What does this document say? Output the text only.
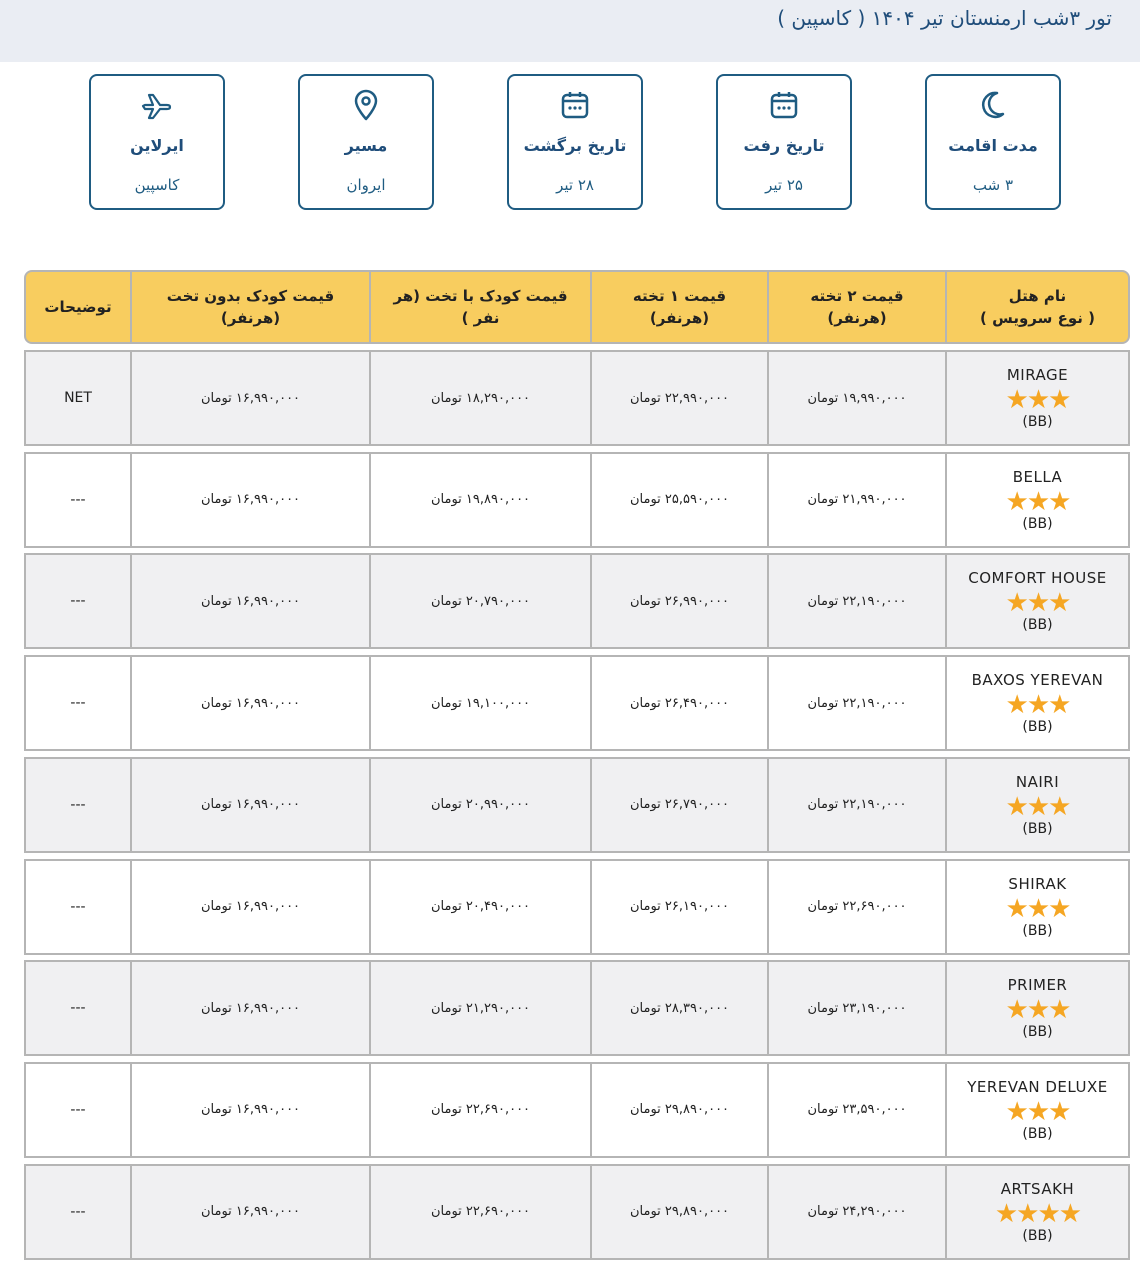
تور ۳شب ارمنستان تیر ۱۴۰۴ ( کاسپین )
مدت اقامت
۳ شب
تاریخ رفت
۲۵ تیر
تاریخ برگشت
۲۸ تیر
مسیر
ایروان
ایرلاین
کاسپین
نام هتل
( نوع سرویس )
قیمت ۲ تخته
(هرنفر)
قیمت ۱ تخته
(هرنفر)
قیمت کودک با تخت (هر
نفر )
قیمت کودک بدون تخت
(هرنفر)
توضیحات
MIRAGE
★★★
(BB)
۱۹,۹۹۰,۰۰۰ تومان
۲۲,۹۹۰,۰۰۰ تومان
۱۸,۲۹۰,۰۰۰ تومان
۱۶,۹۹۰,۰۰۰ تومان
NET
BELLA
★★★
(BB)
۲۱,۹۹۰,۰۰۰ تومان
۲۵,۵۹۰,۰۰۰ تومان
۱۹,۸۹۰,۰۰۰ تومان
۱۶,۹۹۰,۰۰۰ تومان
---
COMFORT HOUSE
★★★
(BB)
۲۲,۱۹۰,۰۰۰ تومان
۲۶,۹۹۰,۰۰۰ تومان
۲۰,۷۹۰,۰۰۰ تومان
۱۶,۹۹۰,۰۰۰ تومان
---
BAXOS YEREVAN
★★★
(BB)
۲۲,۱۹۰,۰۰۰ تومان
۲۶,۴۹۰,۰۰۰ تومان
۱۹,۱۰۰,۰۰۰ تومان
۱۶,۹۹۰,۰۰۰ تومان
---
NAIRI
★★★
(BB)
۲۲,۱۹۰,۰۰۰ تومان
۲۶,۷۹۰,۰۰۰ تومان
۲۰,۹۹۰,۰۰۰ تومان
۱۶,۹۹۰,۰۰۰ تومان
---
SHIRAK
★★★
(BB)
۲۲,۶۹۰,۰۰۰ تومان
۲۶,۱۹۰,۰۰۰ تومان
۲۰,۴۹۰,۰۰۰ تومان
۱۶,۹۹۰,۰۰۰ تومان
---
PRIMER
★★★
(BB)
۲۳,۱۹۰,۰۰۰ تومان
۲۸,۳۹۰,۰۰۰ تومان
۲۱,۲۹۰,۰۰۰ تومان
۱۶,۹۹۰,۰۰۰ تومان
---
YEREVAN DELUXE
★★★
(BB)
۲۳,۵۹۰,۰۰۰ تومان
۲۹,۸۹۰,۰۰۰ تومان
۲۲,۶۹۰,۰۰۰ تومان
۱۶,۹۹۰,۰۰۰ تومان
---
ARTSAKH
★★★★
(BB)
۲۴,۲۹۰,۰۰۰ تومان
۲۹,۸۹۰,۰۰۰ تومان
۲۲,۶۹۰,۰۰۰ تومان
۱۶,۹۹۰,۰۰۰ تومان
---
